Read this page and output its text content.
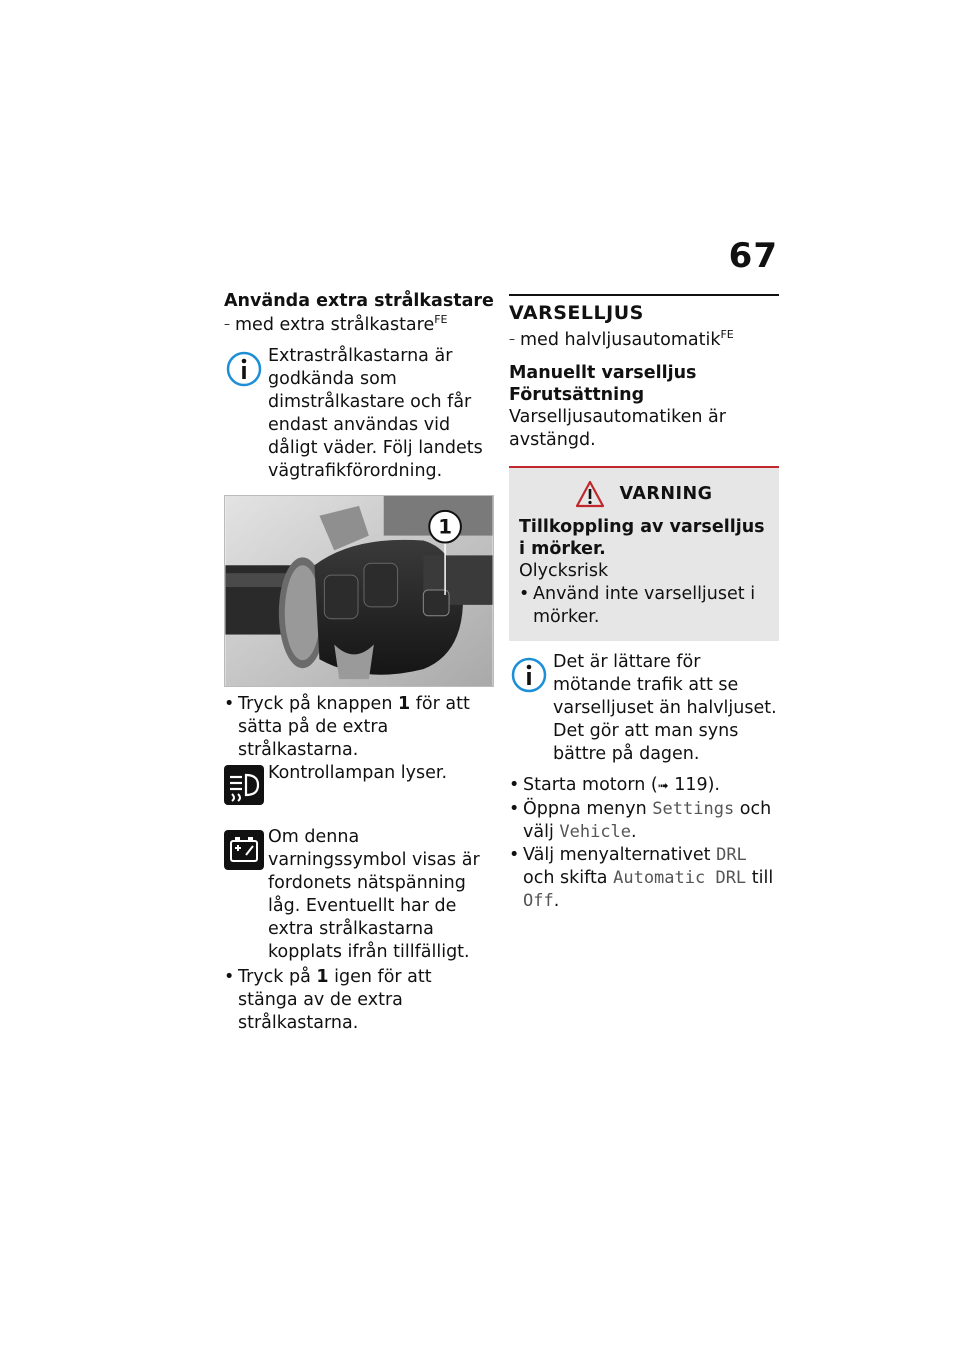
67
Använda extra strålkastare
– med extra strålkastare$^{FE}$
Extrastrålkastarna är godkända som dimstrålkastare och får endast användas vid dåligt väder. Följ landets vägtrafikförordning.
1
• Tryck på knappen 1 för att sätta på de extra strålkastarna.
Kontrollampan lyser.
Om denna varningssymbol visas är fordonets nätspänning låg. Eventuellt har de extra strålkastarna kopplats ifrån tillfälligt.
• Tryck på 1 igen för att stänga av de extra strålkastarna.
VARSELLJUS
– med halvljusautomatik$^{FE}$
Manuellt varselljus
Förutsättning
Varselljusautomatiken är avstängd.
VARNING
Tillkoppling av varselljus i mörker.
Olycksrisk
• Använd inte varselljuset i mörker.
Det är lättare för mötande trafik att se varselljuset än halvljuset. Det gör att man syns bättre på dagen.
• Starta motorn (➟ 119).
• Öppna menyn Settings och välj Vehicle.
• Välj menyalternativet DRL och skifta Automatic DRL till Off.
